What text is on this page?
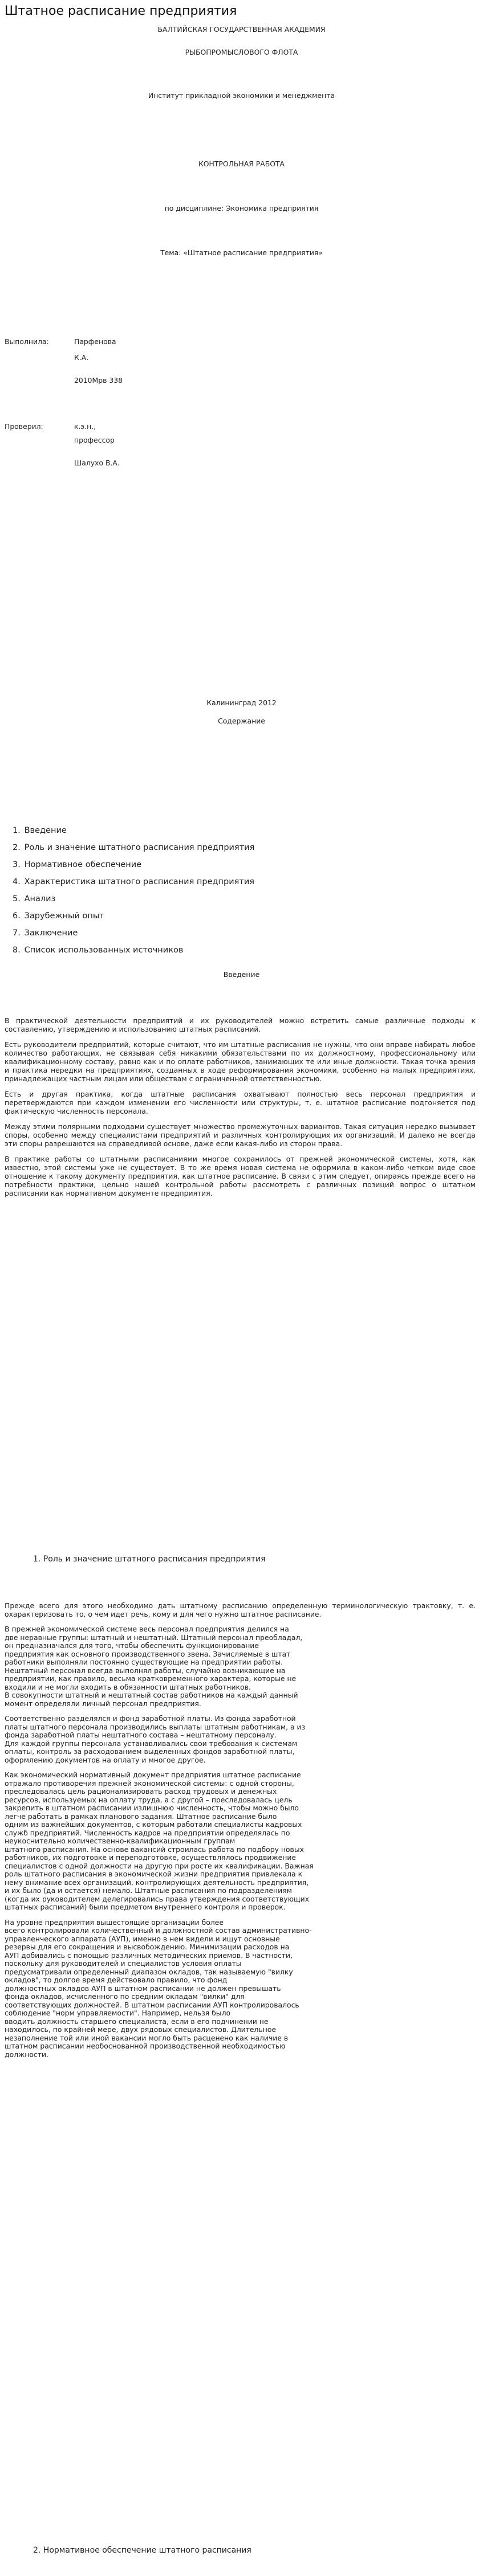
Штатное расписание предприятия
БАЛТИЙСКАЯ ГОСУДАРСТВЕННАЯ АКАДЕМИЯ
РЫБОПРОМЫСЛОВОГО ФЛОТА
Институт прикладной экономики и менеджмента
КОНТРОЛЬНАЯ РАБОТА
по дисциплине: Экономика предприятия
Тема: «Штатное расписание предприятия»
Выполнила:	Парфенова
К.А.
2010Мрв 338
Проверил:	к.э.н.,
профессор
Шалухо В.А.
Калининград 2012
Содержание
1. Введение
2. Роль и значение штатного расписания предприятия
3. Нормативное обеспечение
4. Характеристика штатного расписания предприятия
5. Анализ
6. Зарубежный опыт
7. Заключение
8. Список использованных источников
Введение

В практической деятельности предприятий и их руководителей можно встретить самые различные подходы к составлению, утверждению и использованию штатных расписаний.

Есть руководители предприятий, которые считают, что им штатные расписания не нужны, что они вправе набирать любое количество работающих, не связывая себя никакими обязательствами по их должностному, профессиональному или квалификационному составу, равно как и по оплате работников, занимающих те или иные должности. Такая точка зрения и практика нередки на предприятиях, созданных в ходе реформирования экономики, особенно на малых предприятиях, принадлежащих частным лицам или обществам с ограниченной ответственностью.

Есть и другая практика, когда штатные расписания охватывают полностью весь персонал предприятия и перетверждаются при каждом изменении его численности или структуры, т. е. штатное расписание подгоняется под фактическую численность персонала.

Между этими полярными подходами существует множество промежуточных вариантов. Такая ситуация нередко вызывает споры, особенно между специалистами предприятий и различных контролирующих их организаций. И далеко не всегда эти споры разрешаются на справедливой основе, даже если какая-либо из сторон права.

В практике работы со штатными расписаниями многое сохранилось от прежней экономической системы, хотя, как известно, этой системы уже не существует. В то же время новая система не оформила в каком-либо четком виде свое отношение к такому документу предприятия, как штатное расписание. В связи с этим следует, опираясь прежде всего на потребности практики, цельно нашей контрольной работы рассмотреть с различных позиций вопрос о штатном расписании как нормативном документе предприятия.

1. Роль и значение штатного расписания предприятия

Прежде всего для этого необходимо дать штатному расписанию определенную терминологическую трактовку, т. е. охарактеризовать то, о чем идет речь, кому и для чего нужно штатное расписание.

В прежней экономической системе весь персонал предприятия делился на
две неравные группы: штатный и нештатный. Штатный персонал преобладал,
он предназначался для того, чтобы обеспечить функционирование
предприятия как основного производственного звена. Зачисляемые в штат
работники выполняли постоянно существующие на предприятии работы.
Нештатный персонал всегда выполнял работы, случайно возникающие на
предприятии, как правило, весьма кратковременного характера, которые не
входили и не могли входить в обязанности штатных работников.
В совокупности штатный и нештатный состав работников на каждый данный
момент определяли личный персонал предприятия.

Соответственно разделялся и фонд заработной платы. Из фонда заработной
платы штатного персонала производились выплаты штатным работникам, а из
фонда заработной платы нештатного состава – нештатному персоналу.
Для каждой группы персонала устанавливались свои требования к системам
оплаты, контроль за расходованием выделенных фондов заработной платы,
оформлению документов на оплату и многое другое.

Как экономический нормативный документ предприятия штатное расписание
отражало противоречия прежней экономической системы: с одной стороны,
преследовалась цель рационализировать расход трудовых и денежных
ресурсов, используемых на оплату труда, а с другой – преследовалась цель
закрепить в штатном расписании излишнюю численность, чтобы можно было
легче работать в рамках планового задания. Штатное расписание было
одним из важнейших документов, с которым работали специалисты кадровых
служб предприятий. Численность кадров на предприятии определялась по
неукоснительно количественно-квалификационным группам
штатного расписания. На основе вакансий строилась работа по подбору новых
работников, их подготовке и переподготовке, осуществлялось продвижение
специалистов с одной должности на другую при росте их квалификации. Важная
роль штатного расписания в экономической жизни предприятия привлекала к
нему внимание всех организаций, контролирующих деятельность предприятия,
и их было (да и остается) немало. Штатные расписания по подразделениям
(когда их руководителем делегировались права утверждения соответствующих
штатных расписаний) были предметом внутреннего контроля и проверок.

На уровне предприятия вышестоящие организации более
всего контролировали количественный и должностной состав административно-
управленческого аппарата (АУП), именно в нем видели и ищут основные
резервы для его сокращения и высвобождению. Минимизации расходов на
АУП добивались с помощью различных методических приемов. В частности,
поскольку для руководителей и специалистов условия оплаты
предусматривали определенный диапазон окладов, так называемую "вилку
окладов", то долгое время действовало правило, что фонд
должностных окладов АУП в штатном расписании не должен превышать
фонда окладов, исчисленного по средним окладам "вилки" для
соответствующих должностей. В штатном расписании АУП контролировалось
соблюдение "норм управляемости". Например, нельзя было
вводить должность старшего специалиста, если в его подчинении не
находилось, по крайней мере, двух рядовых специалистов. Длительное
незаполнение той или иной вакансии могло быть расценено как наличие в
штатном расписании необоснованной производственной необходимостью
должности.

2. Нормативное обеспечение штатного расписания
